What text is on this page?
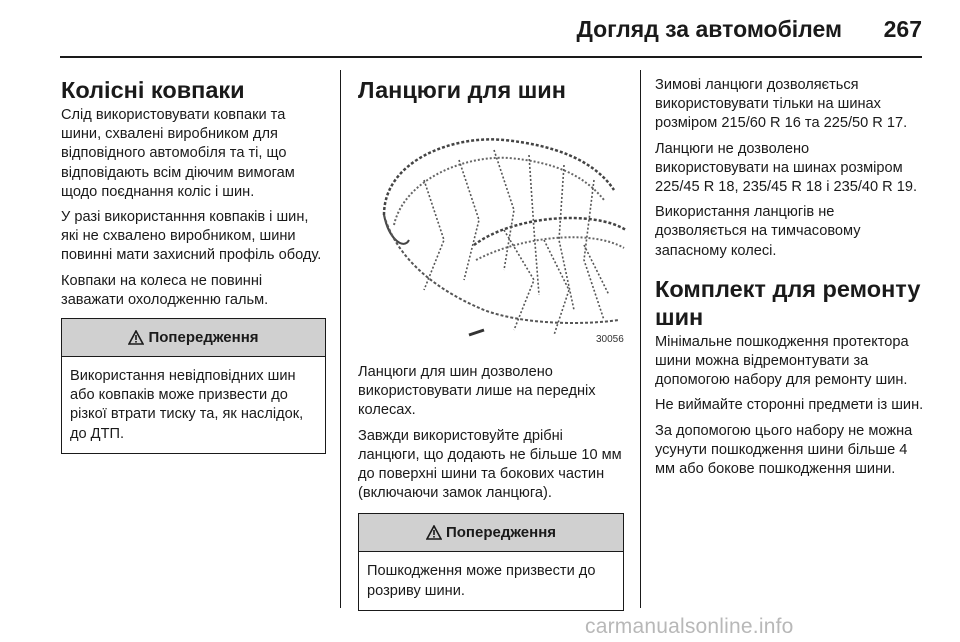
Догляд за автомобілем 267
Колісні ковпаки

Слід використовувати ковпаки та шини, схвалені виробником для відповідного автомобіля та ті, що відповідають всім діючим вимогам щодо поєднання коліс і шин.

У разі використанння ковпаків і шин, які не схвалено виробником, шини повинні мати захисний профіль ободу.

Ковпаки на колеса не повинні заважати охолодженню гальм.

Попередження
Використання невідповідних шин або ковпаків може призвести до різкої втрати тиску та, як наслідок, до ДТП.
Ланцюги для шин
30056

Ланцюги для шин дозволено використовувати лише на передніх колесах.

Завжди використовуйте дрібні ланцюги, що додають не більше 10 мм до поверхні шини та бокових частин (включаючи замок ланцюга).

Попередження
Пошкодження може призвести до розриву шини.

Зимові ланцюги дозволяється використовувати тільки на шинах розміром 215/60 R 16 та 225/50 R 17.

Ланцюги не дозволено використовувати на шинах розміром 225/45 R 18, 235/45 R 18 і 235/40 R 19.

Використання ланцюгів не дозволяється на тимчасовому запасному колесі.

Комплект для ремонту шин

Мінімальне пошкодження протектора шини можна відремонтувати за допомогою набору для ремонту шин.

Не виймайте сторонні предмети із шин.

За допомогою цього набору не можна усунути пошкодження шини більше 4 мм або бокове пошкодження шини.

carmanualsonline.info
